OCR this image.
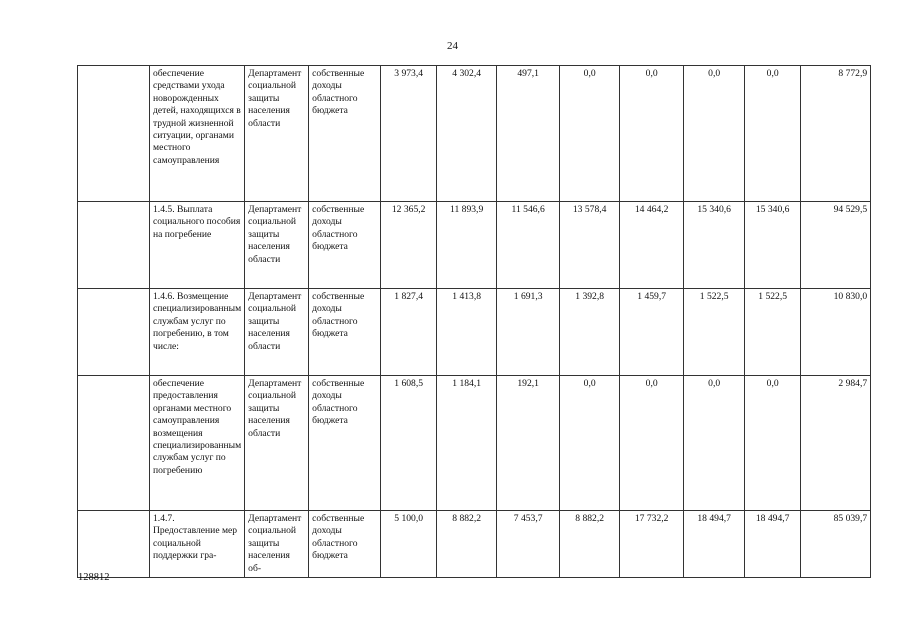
24
	обеспечение средствами ухода новорожденных детей, находящихся в трудной жизненной ситуации, органами местного самоуправления	Департамент социальной защиты населения области	собственные доходы областного бюджета	3 973,4	4 302,4	497,1	0,0	0,0	0,0	0,0	8 772,9
	1.4.5. Выплата социального пособия на погребение	Департамент социальной защиты населения области	собственные доходы областного бюджета	12 365,2	11 893,9	11 546,6	13 578,4	14 464,2	15 340,6	15 340,6	94 529,5
	1.4.6. Возмещение специализированным службам услуг по погребению, в том числе:	Департамент социальной защиты населения области	собственные доходы областного бюджета	1 827,4	1 413,8	1 691,3	1 392,8	1 459,7	1 522,5	1 522,5	10 830,0
	обеспечение предоставления органами местного самоуправления возмещения специализированным службам услуг по погребению	Департамент социальной защиты населения области	собственные доходы областного бюджета	1 608,5	1 184,1	192,1	0,0	0,0	0,0	0,0	2 984,7
	1.4.7. Предоставление мер социальной поддержки гра-	Департамент социальной защиты населения об-	собственные доходы областного бюджета	5 100,0	8 882,2	7 453,7	8 882,2	17 732,2	18 494,7	18 494,7	85 039,7
128812
